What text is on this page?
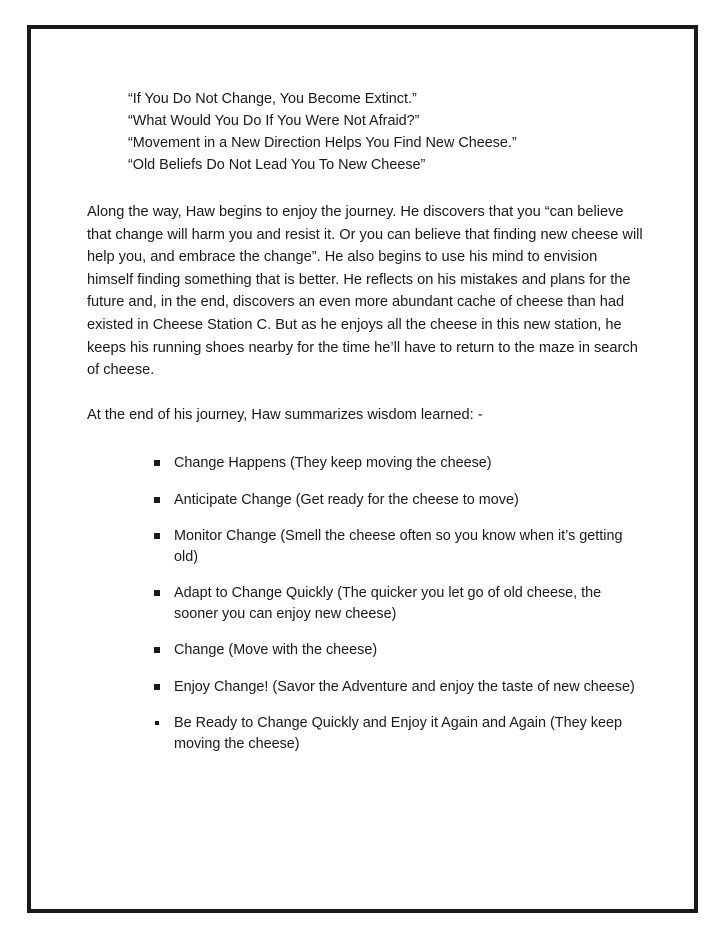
“If You Do Not Change, You Become Extinct.”
“What Would You Do If You Were Not Afraid?”
“Movement in a New Direction Helps You Find New Cheese.”
“Old Beliefs Do Not Lead You To New Cheese”

Along the way, Haw begins to enjoy the journey. He discovers that you “can believe that change will harm you and resist it. Or you can believe that finding new cheese will help you, and embrace the change”. He also begins to use his mind to envision himself finding something that is better. He reflects on his mistakes and plans for the future and, in the end, discovers an even more abundant cache of cheese than had existed in Cheese Station C. But as he enjoys all the cheese in this new station, he keeps his running shoes nearby for the time he’ll have to return to the maze in search of cheese.

At the end of his journey, Haw summarizes wisdom learned: -

Change Happens (They keep moving the cheese)
Anticipate Change (Get ready for the cheese to move)
Monitor Change (Smell the cheese often so you know when it’s getting old)
Adapt to Change Quickly (The quicker you let go of old cheese, the sooner you can enjoy new cheese)
Change (Move with the cheese)
Enjoy Change! (Savor the Adventure and enjoy the taste of new cheese)
Be Ready to Change Quickly and Enjoy it Again and Again (They keep moving the cheese)
